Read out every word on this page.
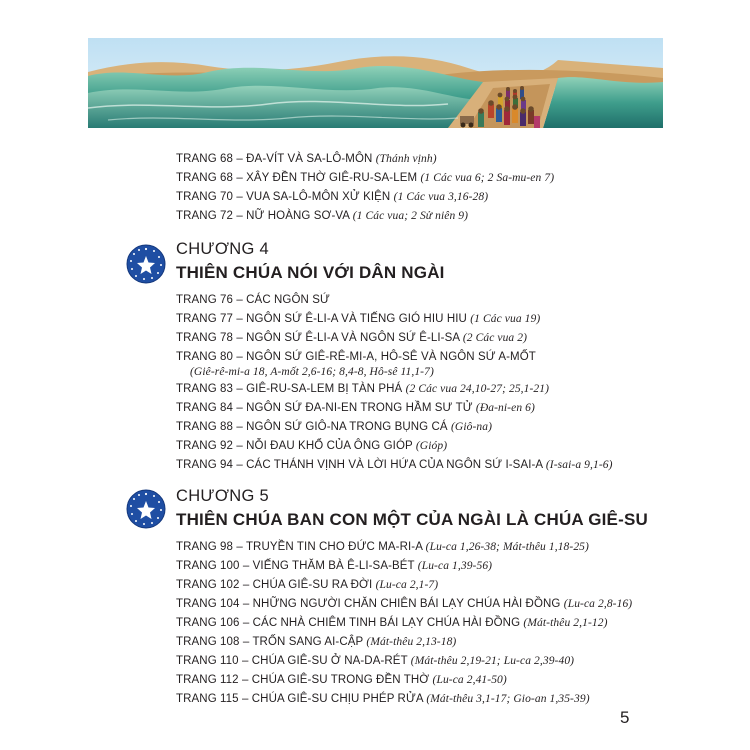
TRANG 68 – ĐA-VÍT VÀ SA-LÔ-MÔN (Thánh vịnh)
TRANG 68 – XÂY ĐỀN THỜ GIÊ-RU-SA-LEM (1 Các vua 6; 2 Sa-mu-en 7)
TRANG 70 – VUA SA-LÔ-MÔN XỬ KIỆN (1 Các vua 3,16-28)
TRANG 72 – NỮ HOÀNG SƠ-VA (1 Các vua; 2 Sử niên 9)
CHƯƠNG 4
THIÊN CHÚA NÓI VỚI DÂN NGÀI
TRANG 76 – CÁC NGÔN SỨ
TRANG 77 – NGÔN SỨ Ê-LI-A VÀ TIẾNG GIÓ HIU HIU (1 Các vua 19)
TRANG 78 – NGÔN SỨ Ê-LI-A VÀ NGÔN SỨ Ê-LI-SA (2 Các vua 2)
TRANG 80 – NGÔN SỨ GIÊ-RÊ-MI-A, HÔ-SÊ VÀ NGÔN SỨ A-MỐT
(Giê-rê-mi-a 18, A-mốt 2,6-16; 8,4-8, Hô-sê 11,1-7)
TRANG 83 – GIÊ-RU-SA-LEM BỊ TÀN PHÁ (2 Các vua 24,10-27; 25,1-21)
TRANG 84 – NGÔN SỨ ĐA-NI-EN TRONG HẦM SƯ TỬ (Đa-ni-en 6)
TRANG 88 – NGÔN SỨ GIÔ-NA TRONG BỤNG CÁ (Giô-na)
TRANG 92 – NỖI ĐAU KHỔ CỦA ÔNG GIÓP (Gióp)
TRANG 94 – CÁC THÁNH VỊNH VÀ LỜI HỨA CỦA NGÔN SỨ I-SAI-A (I-sai-a 9,1-6)
CHƯƠNG 5
THIÊN CHÚA BAN CON MỘT CỦA NGÀI LÀ CHÚA GIÊ-SU
TRANG 98 – TRUYỀN TIN CHO ĐỨC MA-RI-A (Lu-ca 1,26-38; Mát-thêu 1,18-25)
TRANG 100 – VIẾNG THĂM BÀ Ê-LI-SA-BÉT (Lu-ca 1,39-56)
TRANG 102 – CHÚA GIÊ-SU RA ĐỜI (Lu-ca 2,1-7)
TRANG 104 – NHỮNG NGƯỜI CHĂN CHIÊN BÁI LẠY CHÚA HÀI ĐỒNG (Lu-ca 2,8-16)
TRANG 106 – CÁC NHÀ CHIÊM TINH BÁI LẠY CHÚA HÀI ĐỒNG (Mát-thêu 2,1-12)
TRANG 108 – TRỐN SANG AI-CẬP (Mát-thêu 2,13-18)
TRANG 110 – CHÚA GIÊ-SU Ở NA-DA-RÉT (Mát-thêu 2,19-21; Lu-ca 2,39-40)
TRANG 112 – CHÚA GIÊ-SU TRONG ĐỀN THỜ (Lu-ca 2,41-50)
TRANG 115 – CHÚA GIÊ-SU CHỊU PHÉP RỬA (Mát-thêu 3,1-17; Gio-an 1,35-39)
5
